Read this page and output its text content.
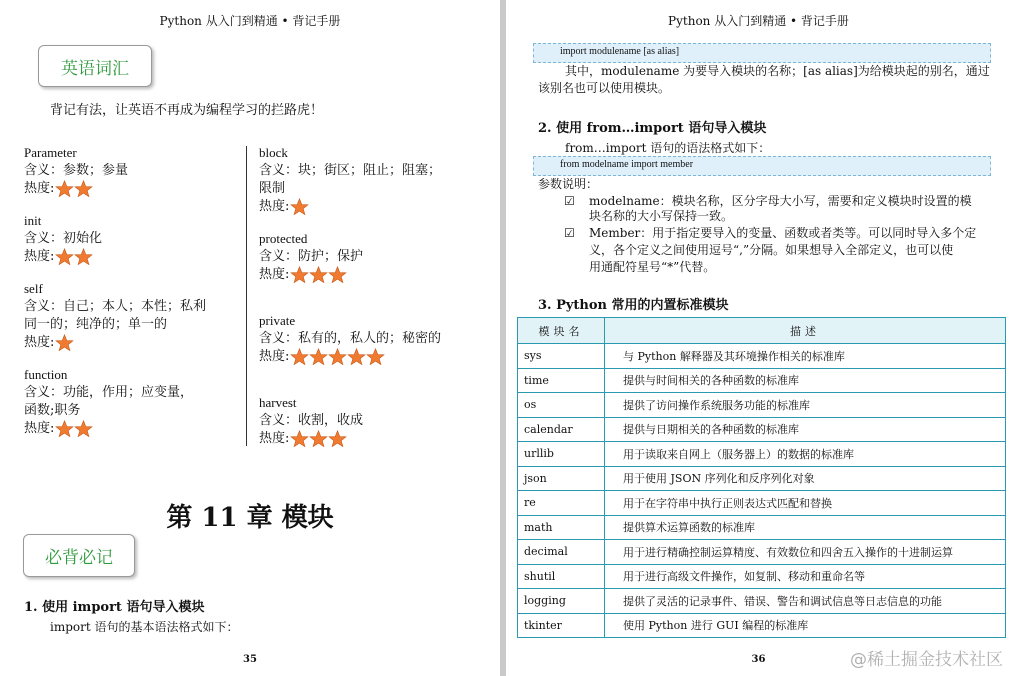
Python 从入门到精通 • 背记手册
英语词汇
背记有法，让英语不再成为编程学习的拦路虎！
Parameter
含义：参数；参量
热度:
init
含义：初始化
热度:
self
含义：自己；本人；本性；私利
同一的；纯净的；单一的
热度:
function
含义：功能，作用；应变量，
函数;职务
热度:
block
含义：块；街区；阻止；阻塞；
限制
热度:
protected
含义：防护；保护
热度:
private
含义：私有的，私人的；秘密的
热度:
harvest
含义：收割，收成
热度:
第 11 章 模块
必背必记
1. 使用 import 语句导入模块
import 语句的基本语法格式如下：
35
Python 从入门到精通 • 背记手册
import modulename [as alias]
其中，modulename 为要导入模块的名称；[as alias]为给模块起的别名，通过
该别名也可以使用模块。
2. 使用 from…import 语句导入模块
from…import 语句的语法格式如下：
from modelname import member
参数说明：
☑ modelname：模块名称，区分字母大小写，需要和定义模块时设置的模
块名称的大小写保持一致。
☑ Member：用于指定要导入的变量、函数或者类等。可以同时导入多个定
义，各个定义之间使用逗号“,”分隔。如果想导入全部定义，也可以使
用通配符星号“*”代替。
3. Python 常用的内置标准模块
模块名	描述
sys	与 Python 解释器及其环境操作相关的标准库
time	提供与时间相关的各种函数的标准库
os	提供了访问操作系统服务功能的标准库
calendar	提供与日期相关的各种函数的标准库
urllib	用于读取来自网上（服务器上）的数据的标准库
json	用于使用 JSON 序列化和反序列化对象
re	用于在字符串中执行正则表达式匹配和替换
math	提供算术运算函数的标准库
decimal	用于进行精确控制运算精度、有效数位和四舍五入操作的十进制运算
shutil	用于进行高级文件操作，如复制、移动和重命名等
logging	提供了灵活的记录事件、错误、警告和调试信息等日志信息的功能
tkinter	使用 Python 进行 GUI 编程的标准库
36	@稀土掘金技术社区
